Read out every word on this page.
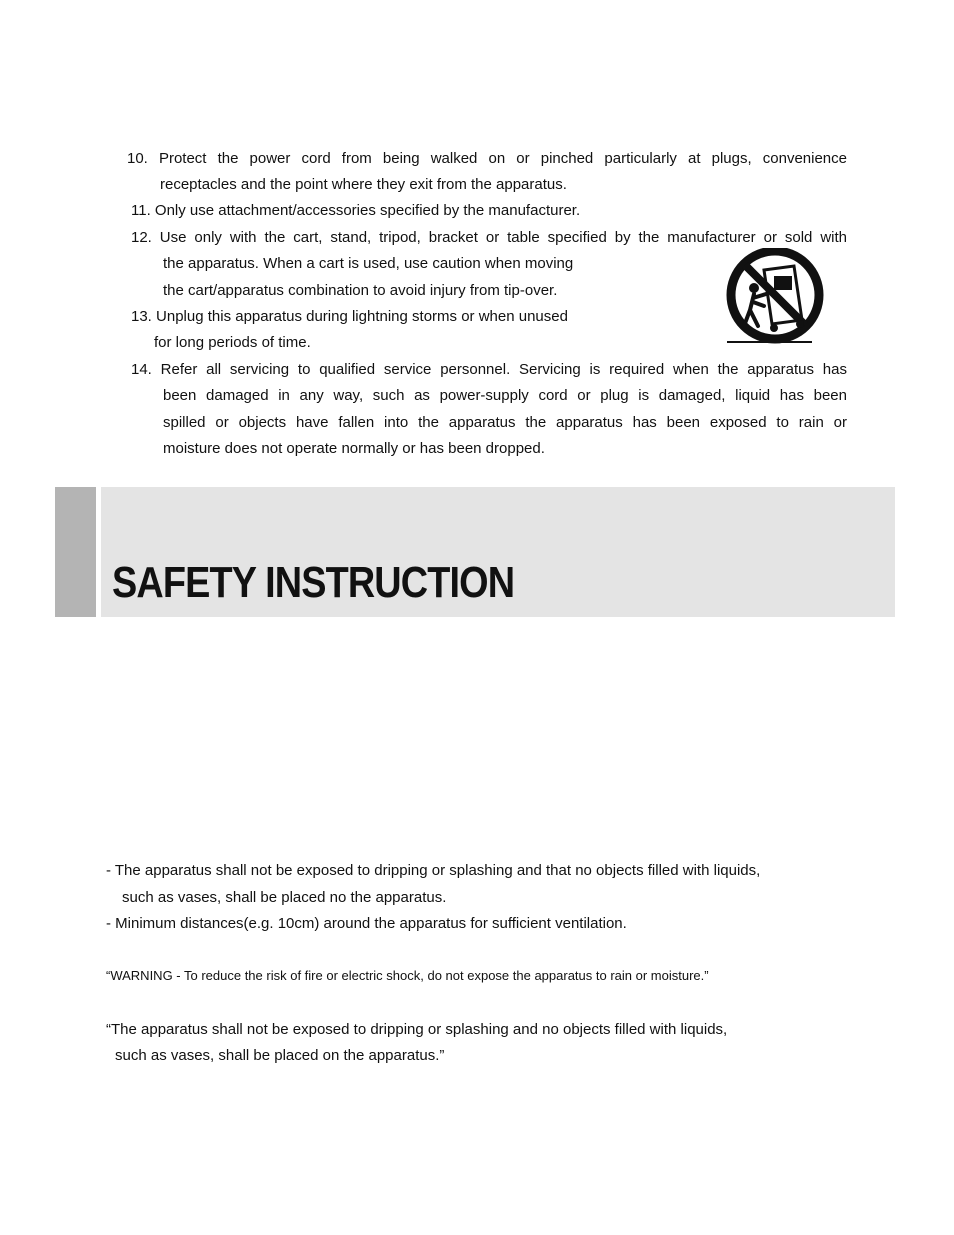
10. Protect the power cord from being walked on or pinched particularly at plugs, convenience
receptacles and the point where they exit from the apparatus.
11. Only use attachment/accessories specified by the manufacturer.
12. Use only with the cart, stand, tripod, bracket or table specified by the manufacturer or sold with
the apparatus. When a cart is used, use caution when moving
the cart/apparatus combination to avoid injury from tip-over.
13. Unplug this apparatus during lightning storms or when unused
for long periods of time.
14. Refer all servicing to qualified service personnel. Servicing is required when the apparatus has
been damaged in any way, such as power-supply cord or plug is damaged, liquid has been
spilled or objects have fallen into the apparatus the apparatus has been exposed to rain or
moisture does not operate normally or has been dropped.
SAFETY INSTRUCTION
- The apparatus shall not be exposed to dripping or splashing and that no objects filled with liquids,
such as vases, shall be placed no the apparatus.
- Minimum distances(e.g. 10cm) around the apparatus for sufficient ventilation.
“WARNING - To reduce the risk of fire or electric shock, do not expose the apparatus to rain or moisture.”
“The apparatus shall not be exposed to dripping or splashing and no objects filled with liquids,
such as vases, shall be placed on the apparatus.”
